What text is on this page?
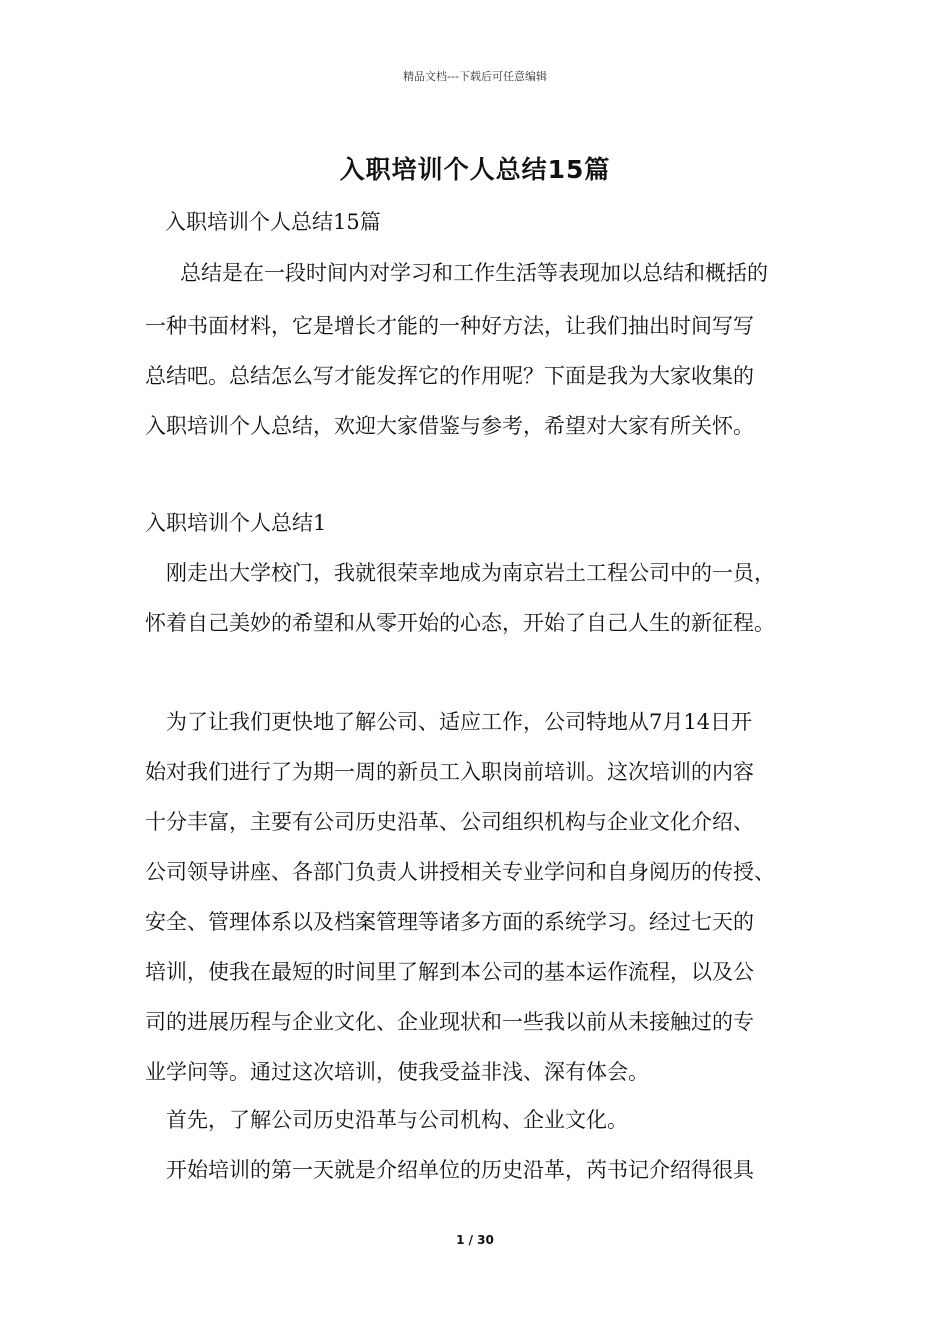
精品文档---下载后可任意编辑
入职培训个人总结15篇
入职培训个人总结15篇
总结是在一段时间内对学习和工作生活等表现加以总结和概括的
一种书面材料，它是增长才能的一种好方法，让我们抽出时间写写
总结吧。总结怎么写才能发挥它的作用呢？下面是我为大家收集的
入职培训个人总结，欢迎大家借鉴与参考，希望对大家有所关怀。
入职培训个人总结1
刚走出大学校门，我就很荣幸地成为南京岩土工程公司中的一员，
怀着自己美妙的希望和从零开始的心态，开始了自己人生的新征程。
为了让我们更快地了解公司、适应工作，公司特地从7月14日开
始对我们进行了为期一周的新员工入职岗前培训。这次培训的内容
十分丰富，主要有公司历史沿革、公司组织机构与企业文化介绍、
公司领导讲座、各部门负责人讲授相关专业学问和自身阅历的传授、
安全、管理体系以及档案管理等诸多方面的系统学习。经过七天的
培训，使我在最短的时间里了解到本公司的基本运作流程，以及公
司的进展历程与企业文化、企业现状和一些我以前从未接触过的专
业学问等。通过这次培训，使我受益非浅、深有体会。
首先，了解公司历史沿革与公司机构、企业文化。
开始培训的第一天就是介绍单位的历史沿革，芮书记介绍得很具
1 / 30
